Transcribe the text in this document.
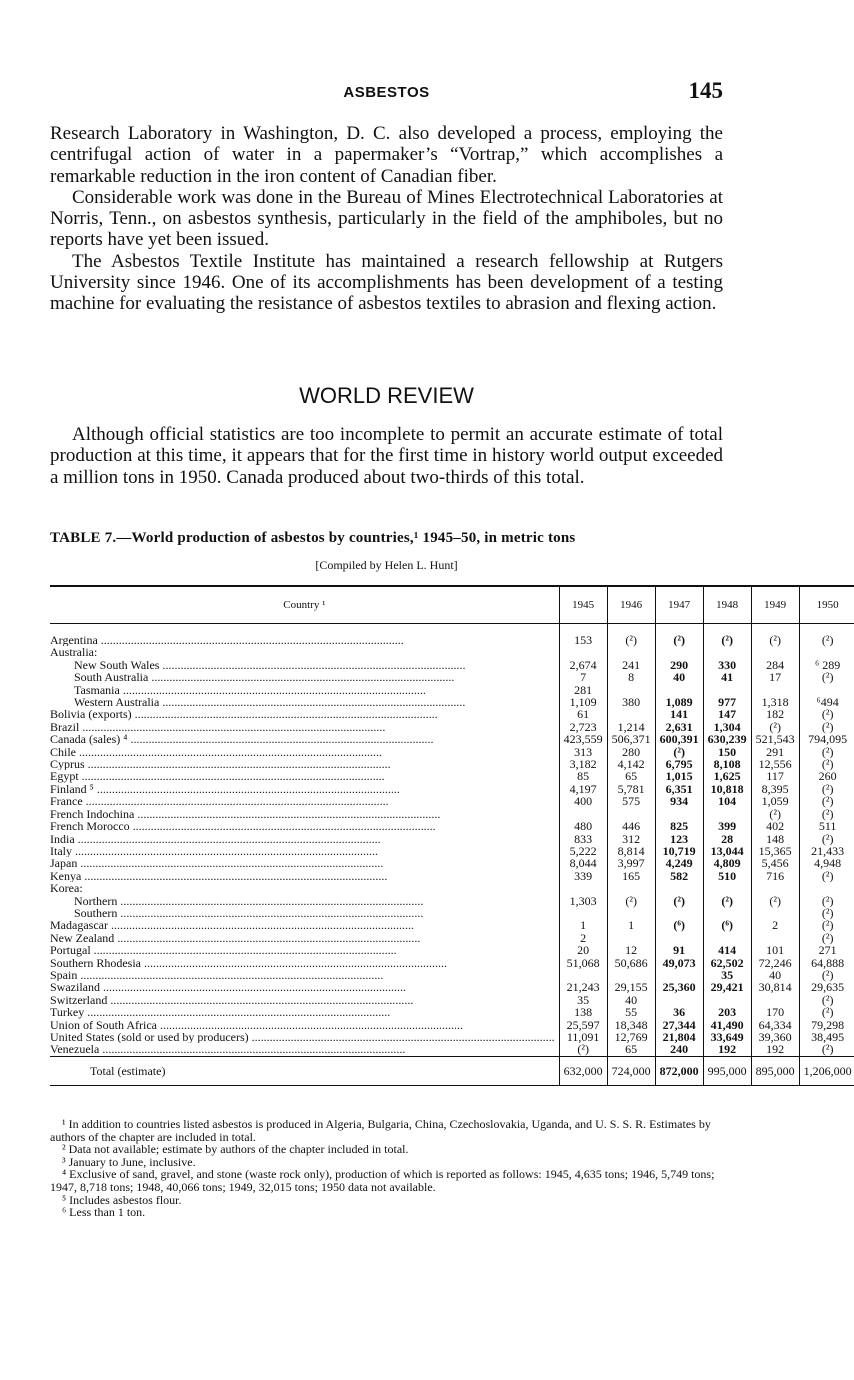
ASBESTOS	145

Research Laboratory in Washington, D. C. also developed a process, employing the centrifugal action of water in a papermaker’s “Vortrap,” which accomplishes a remarkable reduction in the iron content of Canadian fiber.

Considerable work was done in the Bureau of Mines Electrotechnical Laboratories at Norris, Tenn., on asbestos synthesis, particularly in the field of the amphiboles, but no reports have yet been issued.

The Asbestos Textile Institute has maintained a research fellowship at Rutgers University since 1946. One of its accomplishments has been development of a testing machine for evaluating the resistance of asbestos textiles to abrasion and flexing action.

WORLD REVIEW

Although official statistics are too incomplete to permit an accurate estimate of total production at this time, it appears that for the first time in history world output exceeded a million tons in 1950. Canada produced about two-thirds of this total.

TABLE 7.—World production of asbestos by countries,¹ 1945–50, in metric tons
[Compiled by Helen L. Hunt]
Country ¹	1945	1946	1947	1948	1949	1950
Argentina .....	153	(²)	(²)	(²)	(²)	(²)
Australia:						
New South Wales .....	2,674	241	290	330	284	⁶ 289
South Australia .....	7	8	40	41	17	(²)
Tasmania .....	281					
Western Australia .....	1,109	380	1,089	977	1,318	⁶494
Bolivia (exports) .....	61		141	147	182	(²)
Brazil .....	2,723	1,214	2,631	1,304	(²)	(²)
Canada (sales) ⁴ .....	423,559	506,371	600,391	630,239	521,543	794,095
Chile .....	313	280	(²)	150	291	(²)
Cyprus .....	3,182	4,142	6,795	8,108	12,556	(²)
Egypt .....	85	65	1,015	1,625	117	260
Finland ⁵ .....	4,197	5,781	6,351	10,818	8,395	(²)
France .....	400	575	934	104	1,059	(²)
French Indochina .....					(²)	(²)
French Morocco .....	480	446	825	399	402	511
India .....	833	312	123	28	148	(²)
Italy .....	5,222	8,814	10,719	13,044	15,365	21,433
Japan .....	8,044	3,997	4,249	4,809	5,456	4,948
Kenya .....	339	165	582	510	716	(²)
Korea:						
Northern .....	1,303	(²)	(²)	(²)	(²)	(²)
Southern .....						(²)
Madagascar .....	1	1	(⁶)	(⁶)	2	(²)
New Zealand .....	2					(²)
Portugal .....	20	12	91	414	101	271
Southern Rhodesia .....	51,068	50,686	49,073	62,502	72,246	64,888
Spain .....				35	40	(²)
Swaziland .....	21,243	29,155	25,360	29,421	30,814	29,635
Switzerland .....	35	40				(²)
Turkey .....	138	55	36	203	170	(²)
Union of South Africa .....	25,597	18,348	27,344	41,490	64,334	79,298
United States (sold or used by producers) .....	11,091	12,769	21,804	33,649	39,360	38,495
Venezuela .....	(²)	65	240	192	192	(²)
Total (estimate)	632,000	724,000	872,000	995,000	895,000	1,206,000

¹ In addition to countries listed asbestos is produced in Algeria, Bulgaria, China, Czechoslovakia, Uganda, and U. S. S. R. Estimates by authors of the chapter are included in total.

² Data not available; estimate by authors of the chapter included in total.

³ January to June, inclusive.

⁴ Exclusive of sand, gravel, and stone (waste rock only), production of which is reported as follows: 1945, 4,635 tons; 1946, 5,749 tons; 1947, 8,718 tons; 1948, 40,066 tons; 1949, 32,015 tons; 1950 data not available.

⁵ Includes asbestos flour.

⁶ Less than 1 ton.
